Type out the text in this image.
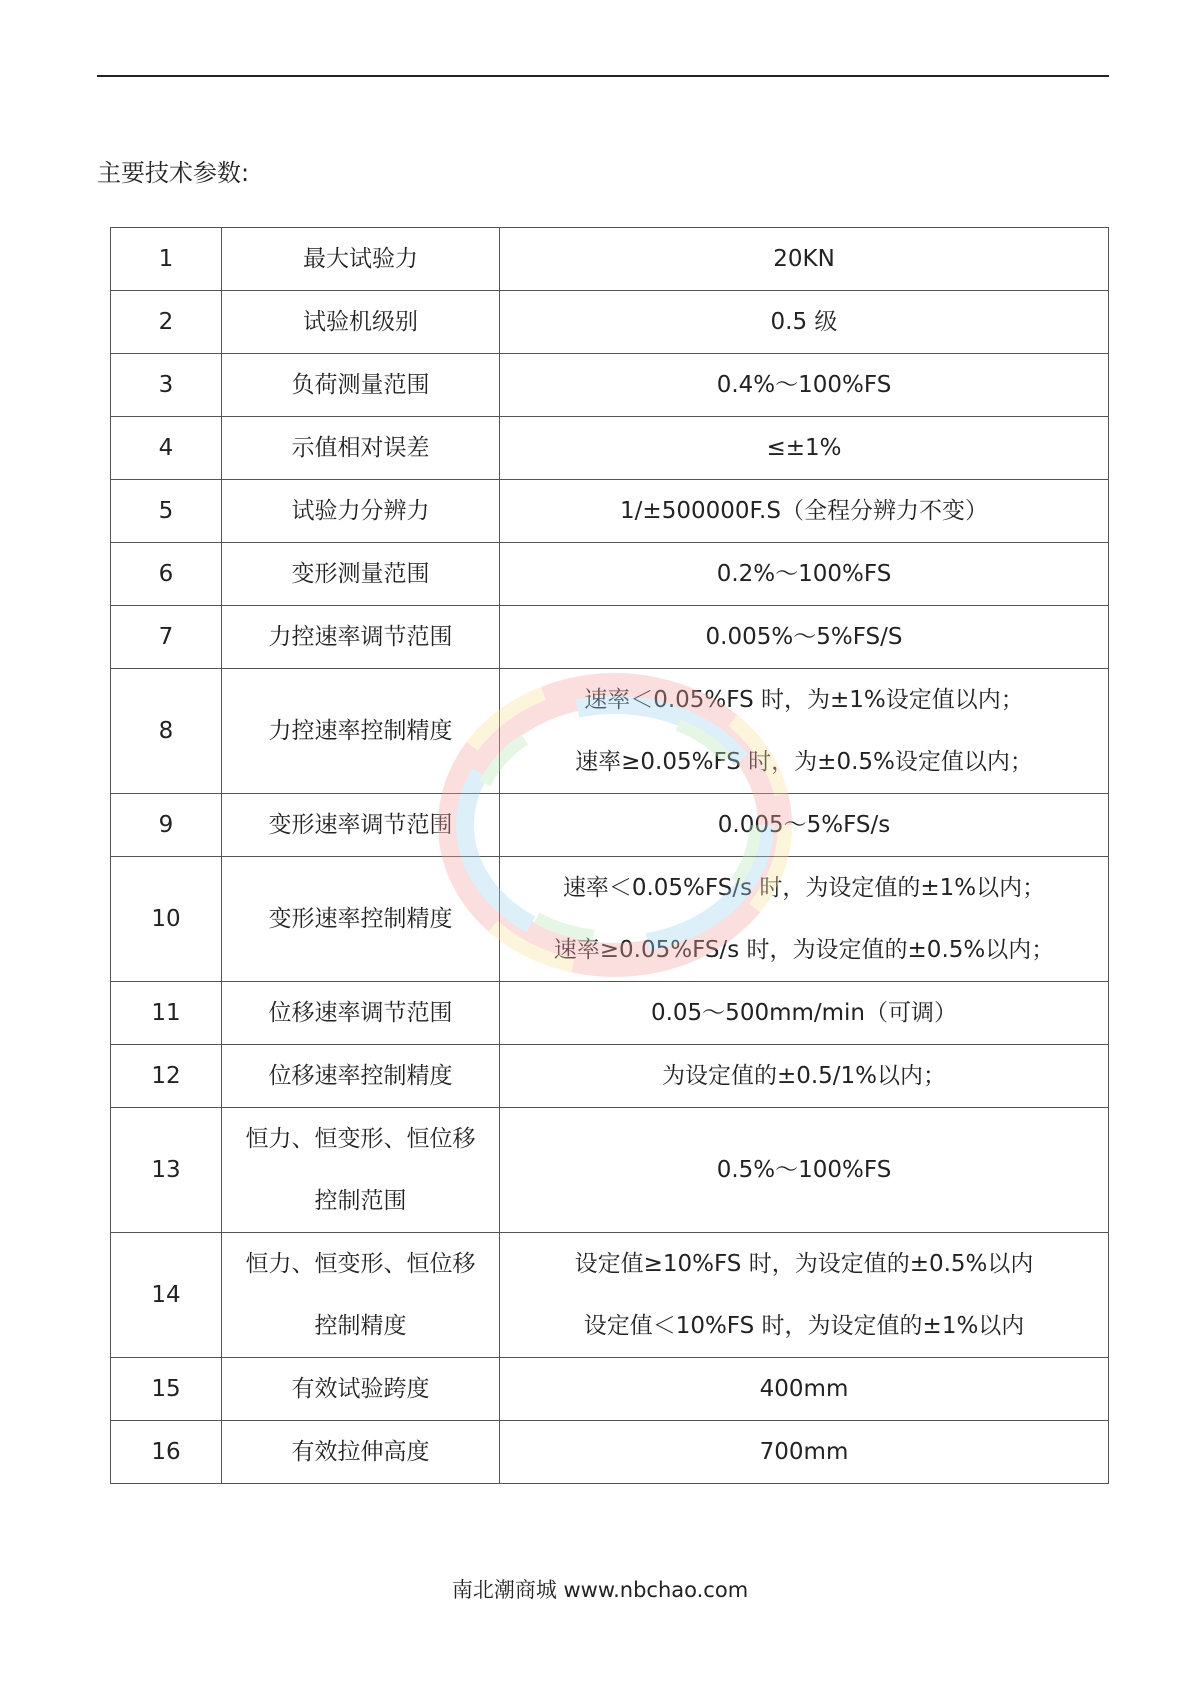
主要技术参数:
1	最大试验力	20KN

2	试验机级别	0.5 级

3	负荷测量范围	0.4%～100%FS

4	示值相对误差	≤±1%

5	试验力分辨力	1/±500000F.S（全程分辨力不变）

6	变形测量范围	0.2%～100%FS

7	力控速率调节范围	0.005%～5%FS/S

8	力控速率控制精度	速率＜0.05%FS 时，为±1%设定值以内；
速率≥0.05%FS 时，为±0.5%设定值以内；

9	变形速率调节范围	0.005～5%FS/s

10	变形速率控制精度	速率＜0.05%FS/s 时，为设定值的±1%以内；
速率≥0.05%FS/s 时，为设定值的±0.5%以内；

11	位移速率调节范围	0.05～500mm/min（可调）

12	位移速率控制精度	为设定值的±0.5/1%以内；

13	恒力、恒变形、恒位移
控制范围	0.5%～100%FS

14	恒力、恒变形、恒位移
控制精度	设定值≥10%FS 时，为设定值的±0.5%以内
设定值＜10%FS 时，为设定值的±1%以内

15	有效试验跨度	400mm

16	有效拉伸高度	700mm
南北潮商城 www.nbchao.com
